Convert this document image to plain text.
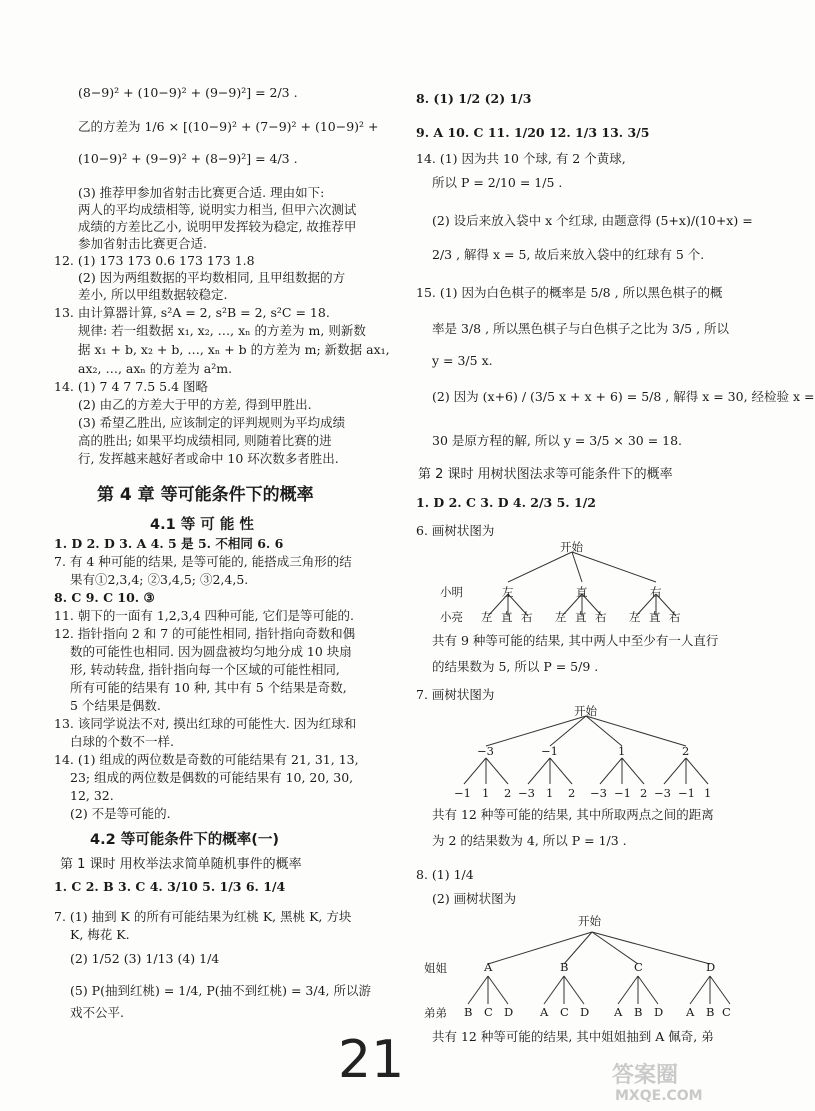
(8−9)² + (10−9)² + (9−9)²] = 2/3 .
乙的方差为 1/6 × [(10−9)² + (7−9)² + (10−9)² +
(10−9)² + (9−9)² + (8−9)²] = 4/3 .
(3) 推荐甲参加省射击比赛更合适. 理由如下:
两人的平均成绩相等, 说明实力相当, 但甲六次测试
成绩的方差比乙小, 说明甲发挥较为稳定, 故推荐甲
参加省射击比赛更合适.
12. (1) 173 173 0.6 173 173 1.8
(2) 因为两组数据的平均数相同, 且甲组数据的方
差小, 所以甲组数据较稳定.
13. 由计算器计算, s²A = 2, s²B = 2, s²C = 18.
规律: 若一组数据 x₁, x₂, …, xₙ 的方差为 m, 则新数
据 x₁ + b, x₂ + b, …, xₙ + b 的方差为 m; 新数据 ax₁,
ax₂, …, axₙ 的方差为 a²m.
14. (1) 7 4 7 7.5 5.4 图略
(2) 由乙的方差大于甲的方差, 得到甲胜出.
(3) 希望乙胜出, 应该制定的评判规则为平均成绩
高的胜出; 如果平均成绩相同, 则随着比赛的进
行, 发挥越来越好者或命中 10 环次数多者胜出.
第 4 章 等可能条件下的概率
4.1 等 可 能 性
1. D 2. D 3. A 4. 5 是 5. 不相同 6. 6
7. 有 4 种可能的结果, 是等可能的, 能搭成三角形的结
果有①2,3,4; ②3,4,5; ③2,4,5.
8. C 9. C 10. ③
11. 朝下的一面有 1,2,3,4 四种可能, 它们是等可能的.
12. 指针指向 2 和 7 的可能性相同, 指针指向奇数和偶
数的可能性也相同. 因为圆盘被均匀地分成 10 块扇
形, 转动转盘, 指针指向每一个区域的可能性相同,
所有可能的结果有 10 种, 其中有 5 个结果是奇数,
5 个结果是偶数.
13. 该同学说法不对, 摸出红球的可能性大. 因为红球和
白球的个数不一样.
14. (1) 组成的两位数是奇数的可能结果有 21, 31, 13,
23; 组成的两位数是偶数的可能结果有 10, 20, 30,
12, 32.
(2) 不是等可能的.
4.2 等可能条件下的概率(一)
第 1 课时 用枚举法求简单随机事件的概率
1. C 2. B 3. C 4. 3/10 5. 1/3 6. 1/4
7. (1) 抽到 K 的所有可能结果为红桃 K, 黑桃 K, 方块
K, 梅花 K.
(2) 1/52 (3) 1/13 (4) 1/4
(5) P(抽到红桃) = 1/4, P(抽不到红桃) = 3/4, 所以游
戏不公平.
8. (1) 1/2 (2) 1/3
9. A 10. C 11. 1/20 12. 1/3 13. 3/5
14. (1) 因为共 10 个球, 有 2 个黄球,
所以 P = 2/10 = 1/5 .
(2) 设后来放入袋中 x 个红球, 由题意得 (5+x)/(10+x) =
2/3 , 解得 x = 5, 故后来放入袋中的红球有 5 个.
15. (1) 因为白色棋子的概率是 5/8 , 所以黑色棋子的概
率是 3/8 , 所以黑色棋子与白色棋子之比为 3/5 , 所以
y = 3/5 x.
(2) 因为 (x+6) / (3/5 x + x + 6) = 5/8 , 解得 x = 30, 经检验 x =
30 是原方程的解, 所以 y = 3/5 × 30 = 18.
第 2 课时 用树状图法求等可能条件下的概率
1. D 2. C 3. D 4. 2/3 5. 1/2
6. 画树状图为
开始
小明	左	直	右
小亮 左 直 右 左 直 右 左 直 右
共有 9 种等可能的结果, 其中两人中至少有一人直行
的结果数为 5, 所以 P = 5/9 .
7. 画树状图为
开始
−3	−1	1	2
−1 1 2 −3 1 2 −3 −1 2 −3 −1 1
共有 12 种等可能的结果, 其中所取两点之间的距离
为 2 的结果数为 4, 所以 P = 1/3 .
8. (1) 1/4
(2) 画树状图为
开始
姐姐	A	B	C	D
弟弟 B C D A C D A B D A B C
共有 12 种等可能的结果, 其中姐姐抽到 A 佩奇, 弟
21	答案圈
MXQE.COM
